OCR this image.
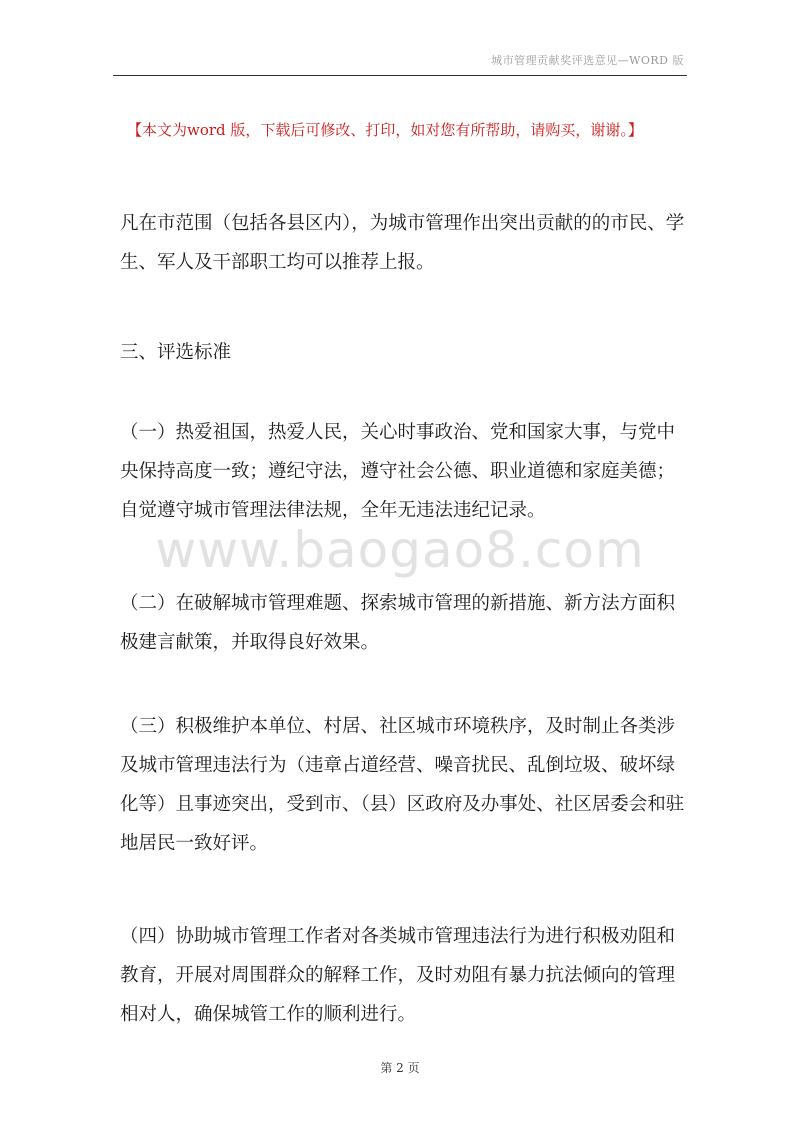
城市管理贡献奖评选意见—WORD 版
【本文为word 版，下载后可修改、打印，如对您有所帮助，请购买，谢谢。】

凡在市范围（包括各县区内），为城市管理作出突出贡献的的市民、学生、军人及干部职工均可以推荐上报。

三、评选标准

（一）热爱祖国，热爱人民，关心时事政治、党和国家大事，与党中央保持高度一致；遵纪守法，遵守社会公德、职业道德和家庭美德；自觉遵守城市管理法律法规，全年无违法违纪记录。

（二）在破解城市管理难题、探索城市管理的新措施、新方法方面积极建言献策，并取得良好效果。

（三）积极维护本单位、村居、社区城市环境秩序，及时制止各类涉及城市管理违法行为（违章占道经营、噪音扰民、乱倒垃圾、破坏绿化等）且事迹突出，受到市、（县）区政府及办事处、社区居委会和驻地居民一致好评。

（四）协助城市管理工作者对各类城市管理违法行为进行积极劝阻和教育，开展对周围群众的解释工作，及时劝阻有暴力抗法倾向的管理相对人，确保城管工作的顺利进行。

www.baogao8.com
第 2 页
